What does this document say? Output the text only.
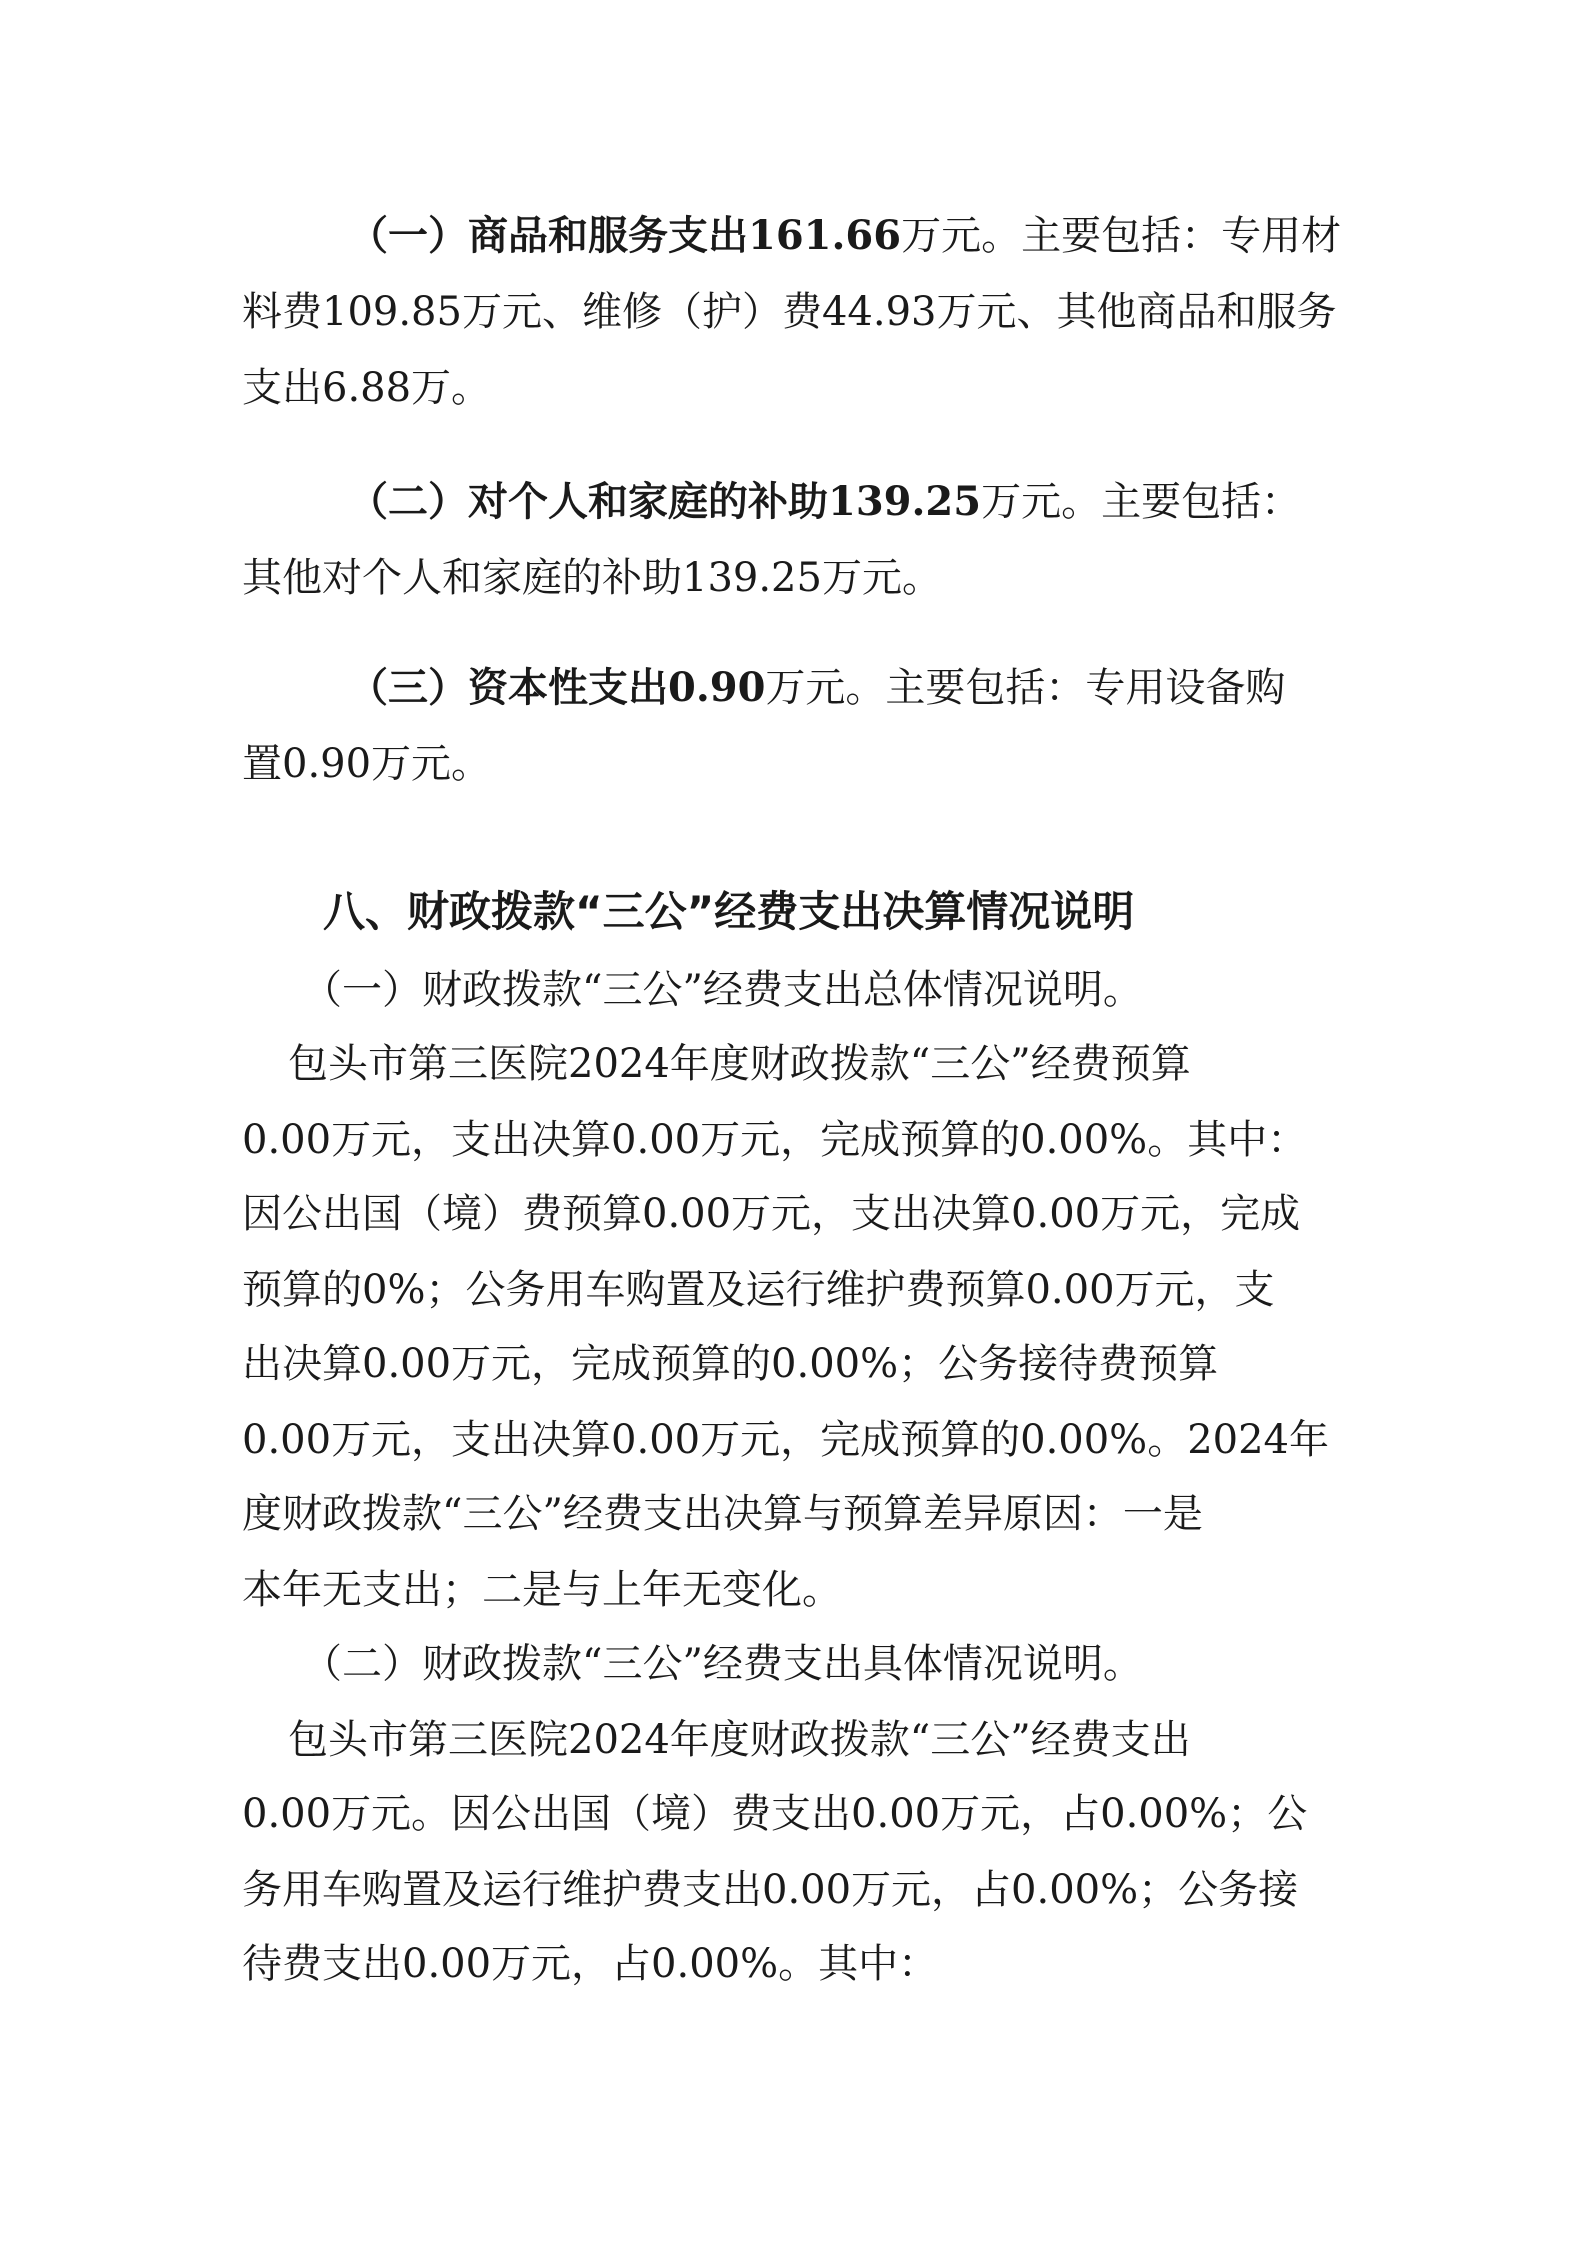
（一）商品和服务支出161.66万元。主要包括：专用材
料费109.85万元、维修（护）费44.93万元、其他商品和服务
支出6.88万。
（二）对个人和家庭的补助139.25万元。主要包括：
其他对个人和家庭的补助139.25万元。
（三）资本性支出0.90万元。主要包括：专用设备购
置0.90万元。
八、财政拨款“三公”经费支出决算情况说明
（一）财政拨款“三公”经费支出总体情况说明。
包头市第三医院2024年度财政拨款“三公”经费预算
0.00万元，支出决算0.00万元，完成预算的0.00%。其中：
因公出国（境）费预算0.00万元，支出决算0.00万元，完成
预算的0%；公务用车购置及运行维护费预算0.00万元，支
出决算0.00万元，完成预算的0.00%；公务接待费预算
0.00万元，支出决算0.00万元，完成预算的0.00%。2024年
度财政拨款“三公”经费支出决算与预算差异原因：一是
本年无支出；二是与上年无变化。
（二）财政拨款“三公”经费支出具体情况说明。
包头市第三医院2024年度财政拨款“三公”经费支出
0.00万元。因公出国（境）费支出0.00万元，占0.00%；公
务用车购置及运行维护费支出0.00万元，占0.00%；公务接
待费支出0.00万元，占0.00%。其中：
